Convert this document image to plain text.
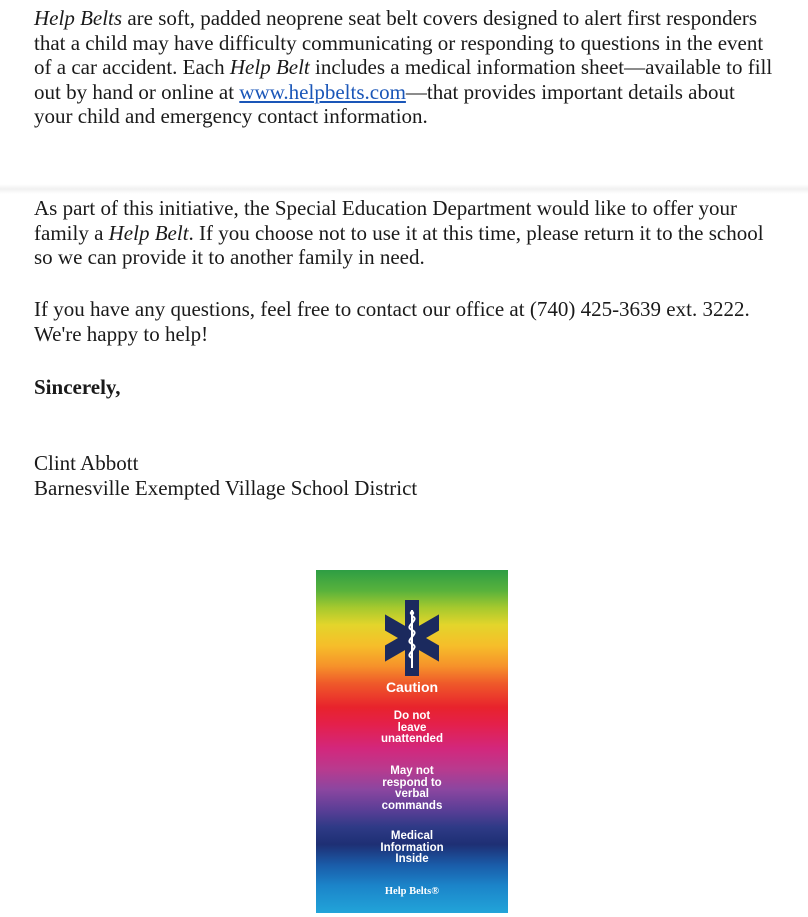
Help Belts are soft, padded neoprene seat belt covers designed to alert first responders that a child may have difficulty communicating or responding to questions in the event of a car accident. Each Help Belt includes a medical information sheet—available to fill out by hand or online at www.helpbelts.com—that provides important details about your child and emergency contact information.

As part of this initiative, the Special Education Department would like to offer your family a Help Belt. If you choose not to use it at this time, please return it to the school so we can provide it to another family in need.

If you have any questions, feel free to contact our office at (740) 425-3639 ext. 3222. We're happy to help!

Sincerely,

Clint Abbott
Barnesville Exempted Village School District

Caution
Do not
leave
unattended
May not
respond to
verbal
commands
Medical
Information
Inside
Help Belts®
